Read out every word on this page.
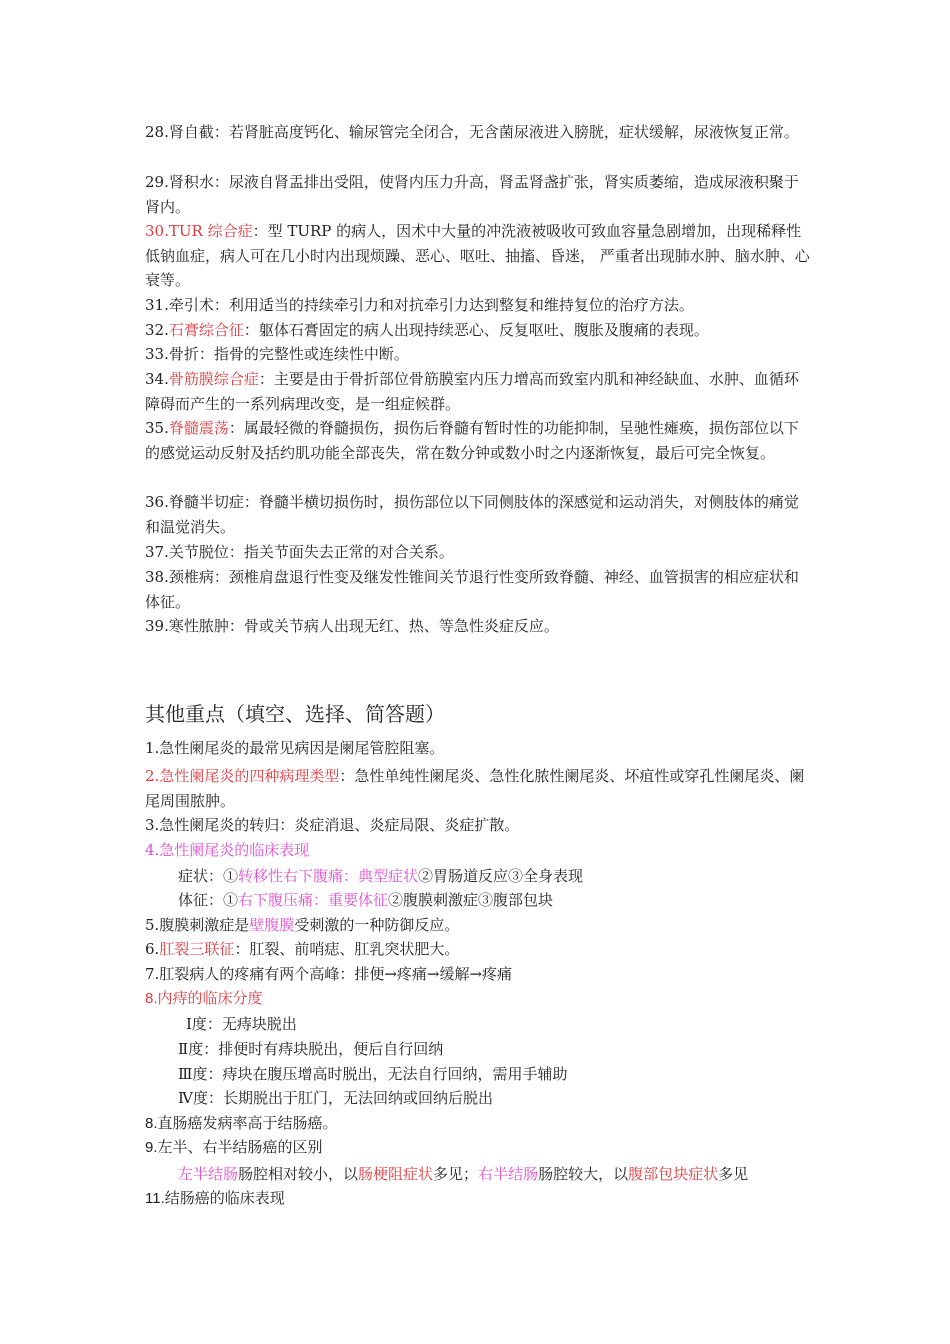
28.肾自截：若肾脏高度钙化、输尿管完全闭合，无含菌尿液进入膀胱，症状缓解，尿液恢复正常。

29.肾积水：尿液自肾盂排出受阻，使肾内压力升高，肾盂肾盏扩张，肾实质萎缩，造成尿液积聚于肾内。

30.TUR 综合症：型 TURP 的病人，因术中大量的冲洗液被吸收可致血容量急剧增加，出现稀释性低钠血症，病人可在几小时内出现烦躁、恶心、呕吐、抽搐、昏迷， 严重者出现肺水肿、脑水肿、心衰等。

31.牵引术：利用适当的持续牵引力和对抗牵引力达到整复和维持复位的治疗方法。

32.石膏综合征：躯体石膏固定的病人出现持续恶心、反复呕吐、腹胀及腹痛的表现。

33.骨折：指骨的完整性或连续性中断。

34.骨筋膜综合症：主要是由于骨折部位骨筋膜室内压力增高而致室内肌和神经缺血、水肿、血循环障碍而产生的一系列病理改变，是一组症候群。

35.脊髓震荡：属最轻微的脊髓损伤，损伤后脊髓有暂时性的功能抑制，呈驰性瘫痪，损伤部位以下的感觉运动反射及括约肌功能全部丧失，常在数分钟或数小时之内逐渐恢复，最后可完全恢复。

36.脊髓半切症：脊髓半横切损伤时，损伤部位以下同侧肢体的深感觉和运动消失，对侧肢体的痛觉和温觉消失。

37.关节脱位：指关节面失去正常的对合关系。

38.颈椎病：颈椎肩盘退行性变及继发性锥间关节退行性变所致脊髓、神经、血管损害的相应症状和体征。

39.寒性脓肿：骨或关节病人出现无红、热、等急性炎症反应。

其他重点（填空、选择、简答题）

1.急性阑尾炎的最常见病因是阑尾管腔阻塞。

2.急性阑尾炎的四种病理类型：急性单纯性阑尾炎、急性化脓性阑尾炎、坏疽性或穿孔性阑尾炎、阑尾周围脓肿。

3.急性阑尾炎的转归：炎症消退、炎症局限、炎症扩散。

4.急性阑尾炎的临床表现

症状：①转移性右下腹痛：典型症状②胃肠道反应③全身表现

体征：①右下腹压痛：重要体征②腹膜刺激症③腹部包块

5.腹膜刺激症是壁腹膜受刺激的一种防御反应。

6.肛裂三联征：肛裂、前哨痣、肛乳突状肥大。

7.肛裂病人的疼痛有两个高峰：排便→疼痛→缓解→疼痛

8.内痔的临床分度

Ⅰ度：无痔块脱出

Ⅱ度：排便时有痔块脱出，便后自行回纳

Ⅲ度：痔块在腹压增高时脱出，无法自行回纳，需用手辅助

Ⅳ度：长期脱出于肛门，无法回纳或回纳后脱出

8.直肠癌发病率高于结肠癌。

9.左半、右半结肠癌的区别

左半结肠肠腔相对较小，以肠梗阻症状多见；右半结肠肠腔较大，以腹部包块症状多见

11.结肠癌的临床表现
